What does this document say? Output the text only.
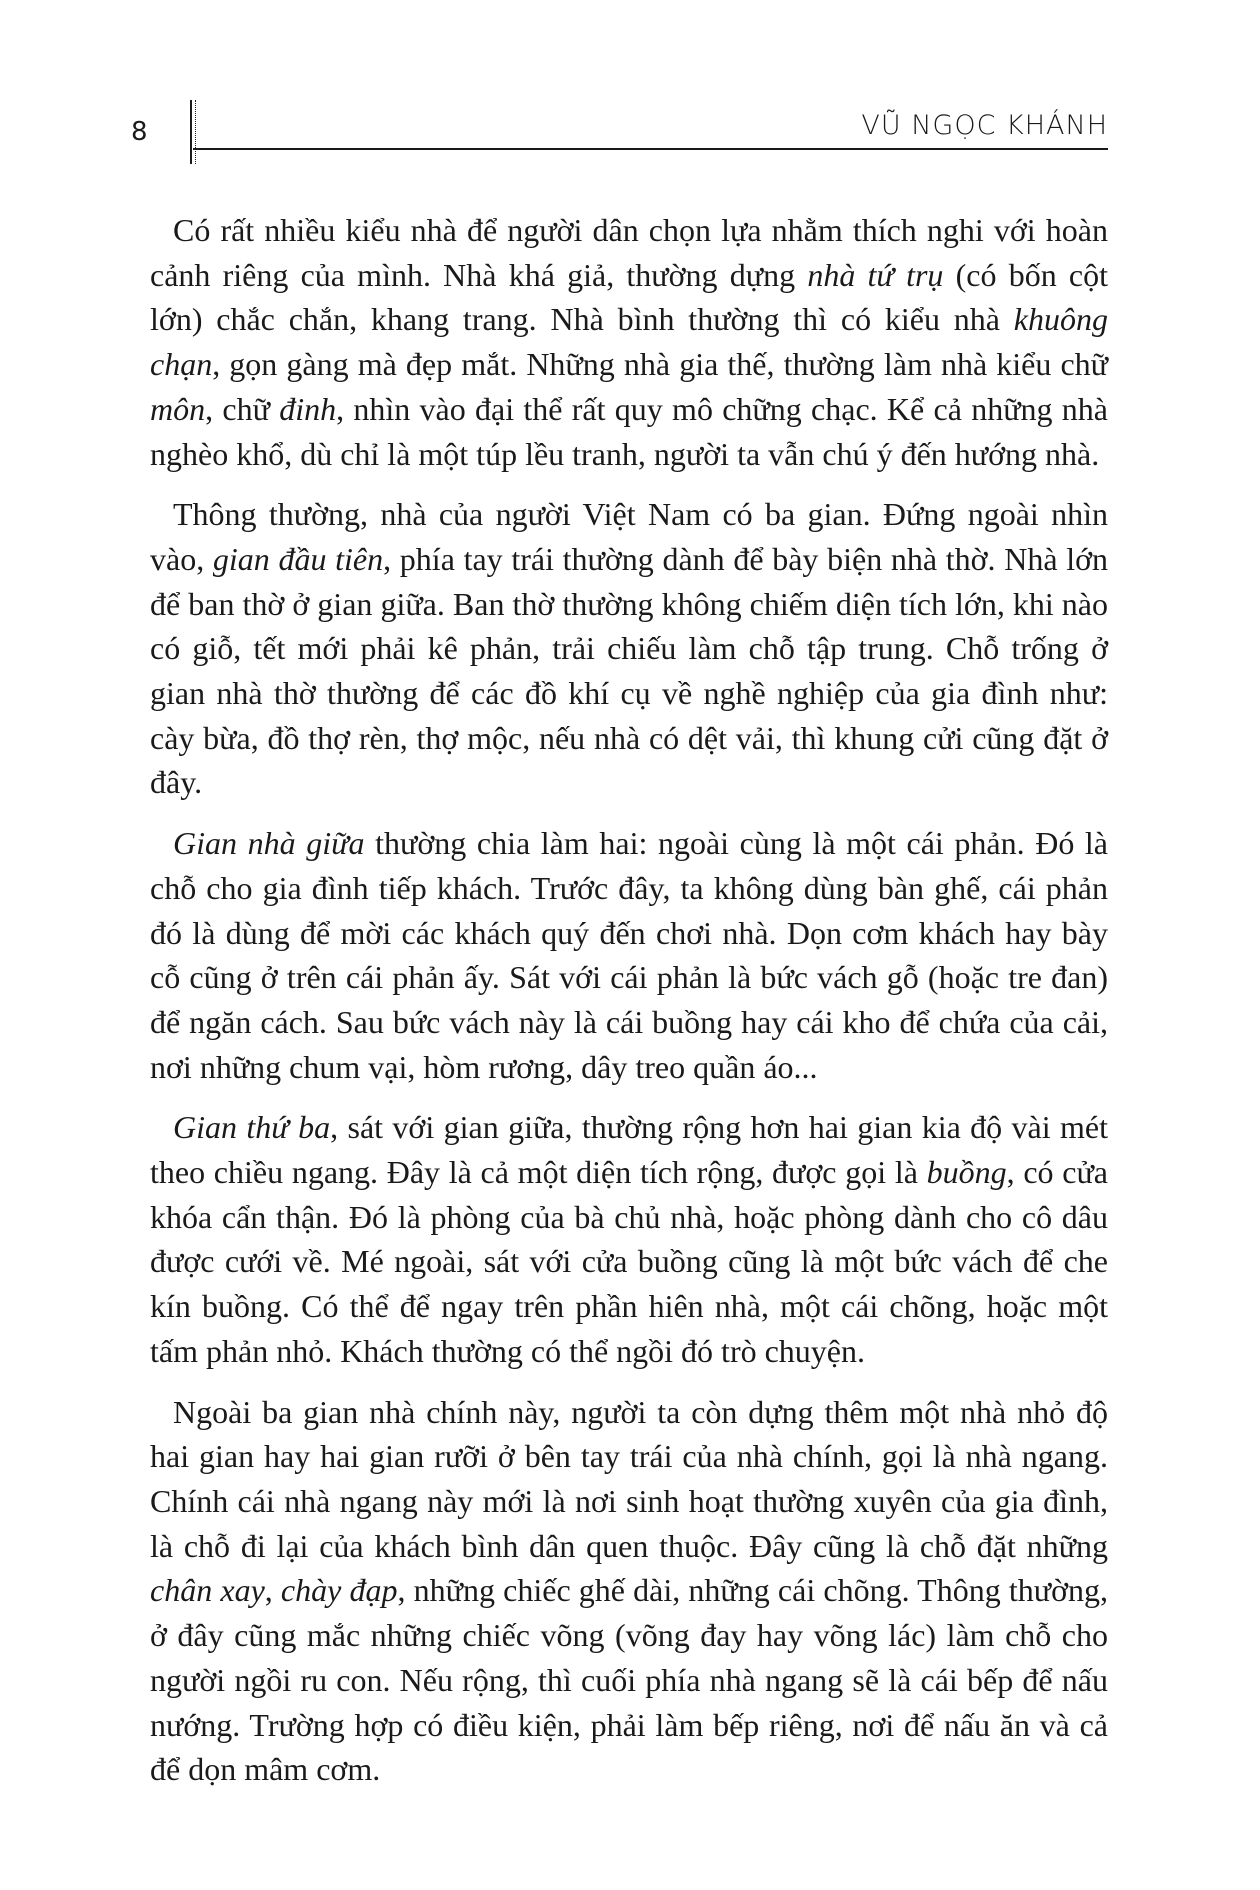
8	VŨ NGỌC KHÁNH

Có rất nhiều kiểu nhà để người dân chọn lựa nhằm thích nghi với hoàn cảnh riêng của mình. Nhà khá giả, thường dựng nhà tứ trụ (có bốn cột lớn) chắc chắn, khang trang. Nhà bình thường thì có kiểu nhà khuông chạn, gọn gàng mà đẹp mắt. Những nhà gia thế, thường làm nhà kiểu chữ môn, chữ đinh, nhìn vào đại thể rất quy mô chững chạc. Kể cả những nhà nghèo khổ, dù chỉ là một túp lều tranh, người ta vẫn chú ý đến hướng nhà.

Thông thường, nhà của người Việt Nam có ba gian. Đứng ngoài nhìn vào, gian đầu tiên, phía tay trái thường dành để bày biện nhà thờ. Nhà lớn để ban thờ ở gian giữa. Ban thờ thường không chiếm diện tích lớn, khi nào có giỗ, tết mới phải kê phản, trải chiếu làm chỗ tập trung. Chỗ trống ở gian nhà thờ thường để các đồ khí cụ về nghề nghiệp của gia đình như: cày bừa, đồ thợ rèn, thợ mộc, nếu nhà có dệt vải, thì khung cửi cũng đặt ở đây.

Gian nhà giữa thường chia làm hai: ngoài cùng là một cái phản. Đó là chỗ cho gia đình tiếp khách. Trước đây, ta không dùng bàn ghế, cái phản đó là dùng để mời các khách quý đến chơi nhà. Dọn cơm khách hay bày cỗ cũng ở trên cái phản ấy. Sát với cái phản là bức vách gỗ (hoặc tre đan) để ngăn cách. Sau bức vách này là cái buồng hay cái kho để chứa của cải, nơi những chum vại, hòm rương, dây treo quần áo...

Gian thứ ba, sát với gian giữa, thường rộng hơn hai gian kia độ vài mét theo chiều ngang. Đây là cả một diện tích rộng, được gọi là buồng, có cửa khóa cẩn thận. Đó là phòng của bà chủ nhà, hoặc phòng dành cho cô dâu được cưới về. Mé ngoài, sát với cửa buồng cũng là một bức vách để che kín buồng. Có thể để ngay trên phần hiên nhà, một cái chõng, hoặc một tấm phản nhỏ. Khách thường có thể ngồi đó trò chuyện.

Ngoài ba gian nhà chính này, người ta còn dựng thêm một nhà nhỏ độ hai gian hay hai gian rưỡi ở bên tay trái của nhà chính, gọi là nhà ngang. Chính cái nhà ngang này mới là nơi sinh hoạt thường xuyên của gia đình, là chỗ đi lại của khách bình dân quen thuộc. Đây cũng là chỗ đặt những chân xay, chày đạp, những chiếc ghế dài, những cái chõng. Thông thường, ở đây cũng mắc những chiếc võng (võng đay hay võng lác) làm chỗ cho người ngồi ru con. Nếu rộng, thì cuối phía nhà ngang sẽ là cái bếp để nấu nướng. Trường hợp có điều kiện, phải làm bếp riêng, nơi để nấu ăn và cả để dọn mâm cơm.
